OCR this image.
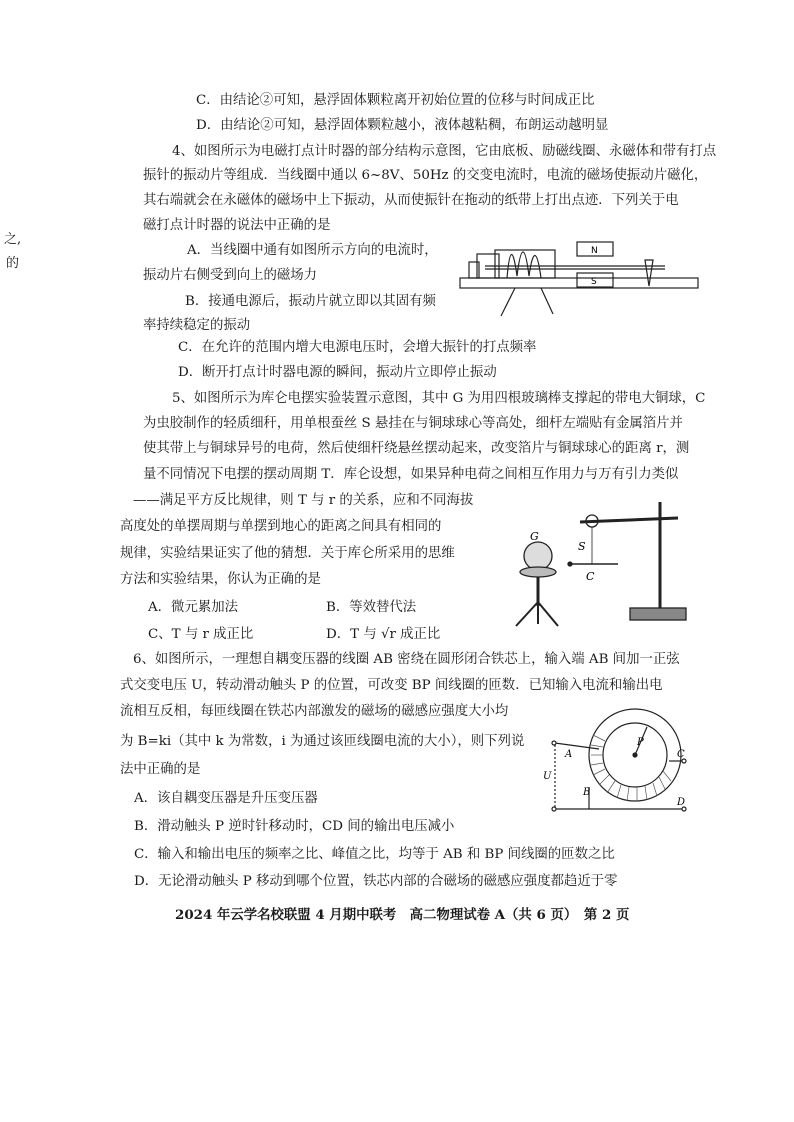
之,
的
C．由结论②可知，悬浮固体颗粒离开初始位置的位移与时间成正比
D．由结论②可知，悬浮固体颗粒越小，液体越粘稠，布朗运动越明显
4、如图所示为电磁打点计时器的部分结构示意图，它由底板、励磁线圈、永磁体和带有打点
振针的振动片等组成．当线圈中通以 6~8V、50Hz 的交变电流时，电流的磁场使振动片磁化，
其右端就会在永磁体的磁场中上下振动，从而使振针在拖动的纸带上打出点迹．下列关于电
磁打点计时器的说法中正确的是
A．当线圈中通有如图所示方向的电流时，
振动片右侧受到向上的磁场力
B．接通电源后，振动片就立即以其固有频
率持续稳定的振动
C．在允许的范围内增大电源电压时，会增大振针的打点频率
D．断开打点计时器电源的瞬间，振动片立即停止振动
N
S
5、如图所示为库仑电摆实验装置示意图，其中 G 为用四根玻璃棒支撑起的带电大铜球，C
为虫胶制作的轻质细秆，用单根蚕丝 S 悬挂在与铜球球心等高处，细杆左端贴有金属箔片并
使其带上与铜球异号的电荷，然后使细杆绕悬丝摆动起来，改变箔片与铜球球心的距离 r，测
量不同情况下电摆的摆动周期 T．库仑设想，如果异种电荷之间相互作用力与万有引力类似
——满足平方反比规律，则 T 与 r 的关系，应和不同海拔
高度处的单摆周期与单摆到地心的距离之间具有相同的
规律，实验结果证实了他的猜想．关于库仑所采用的思维
方法和实验结果，你认为正确的是
A．微元累加法	B．等效替代法
C、T 与 r 成正比	D．T 与 √r 成正比
G
S
C
6、如图所示，一理想自耦变压器的线圈 AB 密绕在圆形闭合铁芯上，输入端 AB 间加一正弦
式交变电压 U，转动滑动触头 P 的位置，可改变 BP 间线圈的匝数．已知输入电流和输出电
流相互反相，每匝线圈在铁芯内部激发的磁场的磁感应强度大小均
为 B=ki（其中 k 为常数，i 为通过该匝线圈电流的大小），则下列说
法中正确的是
A．该自耦变压器是升压变压器
B．滑动触头 P 逆时针移动时，CD 间的输出电压减小
C．输入和输出电压的频率之比、峰值之比，均等于 AB 和 BP 间线圈的匝数之比
D．无论滑动触头 P 移动到哪个位置，铁芯内部的合磁场的磁感应强度都趋近于零
P
A
B
C
D
U
2024 年云学名校联盟 4 月期中联考　高二物理试卷 A（共 6 页）　第 2 页
